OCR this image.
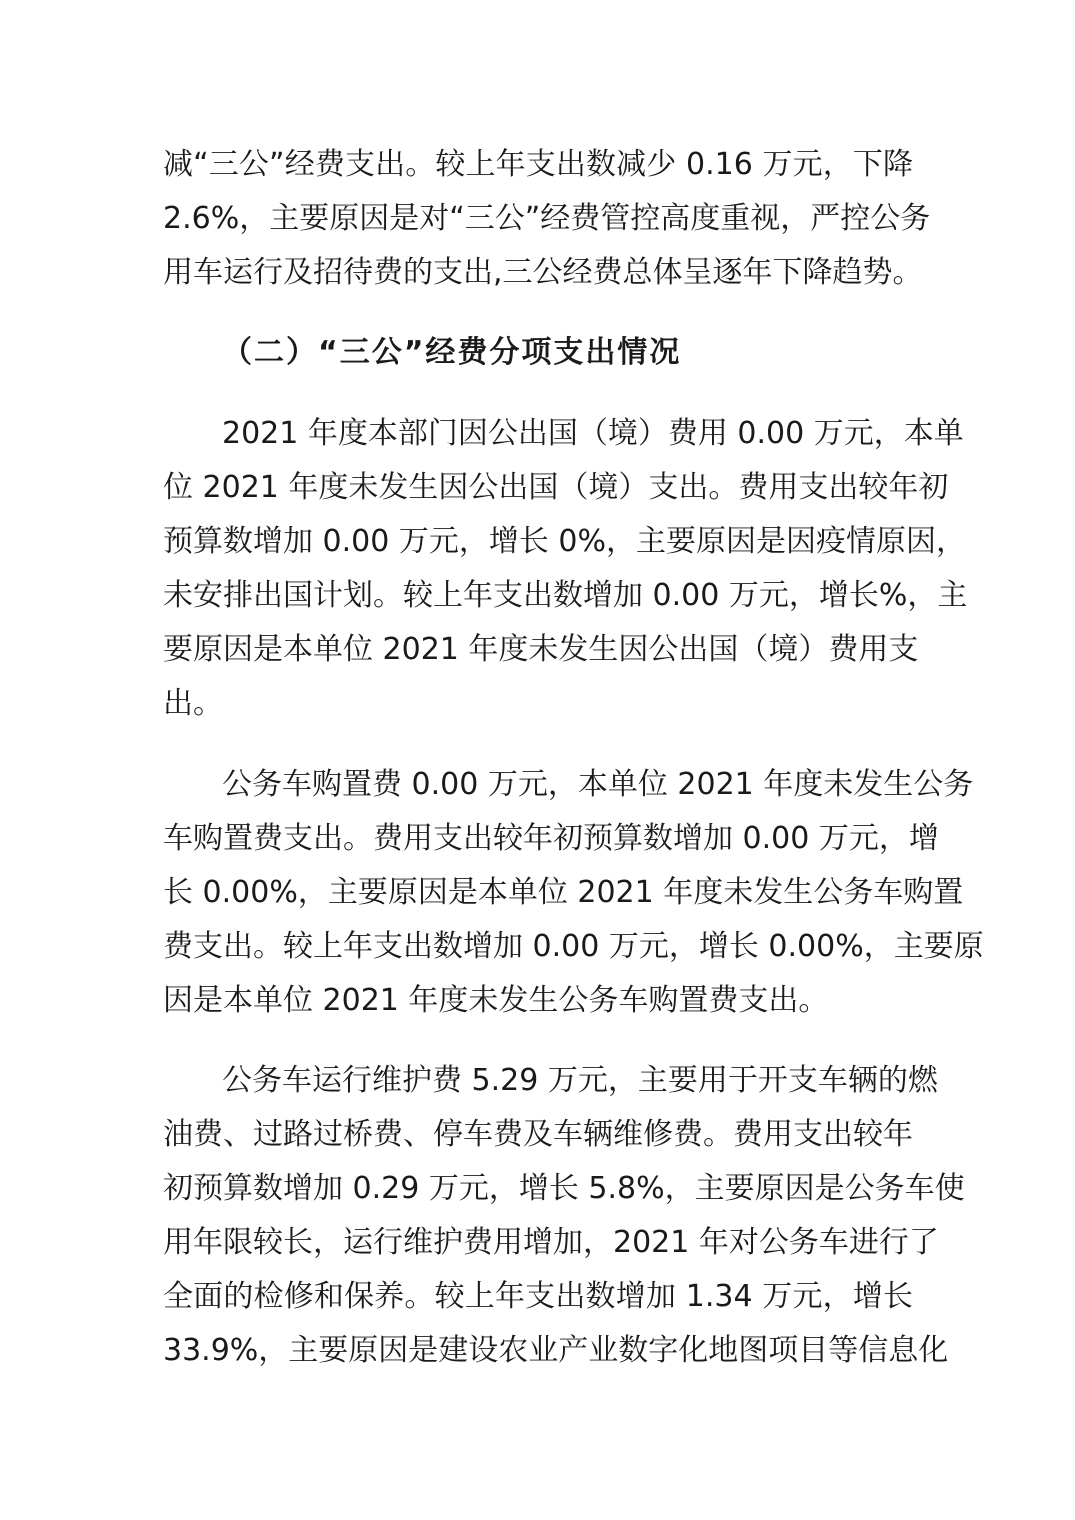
减“三公”经费支出。较上年支出数减少 0.16 万元，下降
2.6%，主要原因是对“三公”经费管控高度重视，严控公务
用车运行及招待费的支出,三公经费总体呈逐年下降趋势。
（二）“三公”经费分项支出情况
2021 年度本部门因公出国（境）费用 0.00 万元，本单
位 2021 年度未发生因公出国（境）支出。费用支出较年初
预算数增加 0.00 万元，增长 0%，主要原因是因疫情原因，
未安排出国计划。较上年支出数增加 0.00 万元，增长%，主
要原因是本单位 2021 年度未发生因公出国（境）费用支
出。
公务车购置费 0.00 万元，本单位 2021 年度未发生公务
车购置费支出。费用支出较年初预算数增加 0.00 万元，增
长 0.00%，主要原因是本单位 2021 年度未发生公务车购置
费支出。较上年支出数增加 0.00 万元，增长 0.00%，主要原
因是本单位 2021 年度未发生公务车购置费支出。
公务车运行维护费 5.29 万元，主要用于开支车辆的燃
油费、过路过桥费、停车费及车辆维修费。费用支出较年
初预算数增加 0.29 万元，增长 5.8%，主要原因是公务车使
用年限较长，运行维护费用增加，2021 年对公务车进行了
全面的检修和保养。较上年支出数增加 1.34 万元，增长
33.9%，主要原因是建设农业产业数字化地图项目等信息化
